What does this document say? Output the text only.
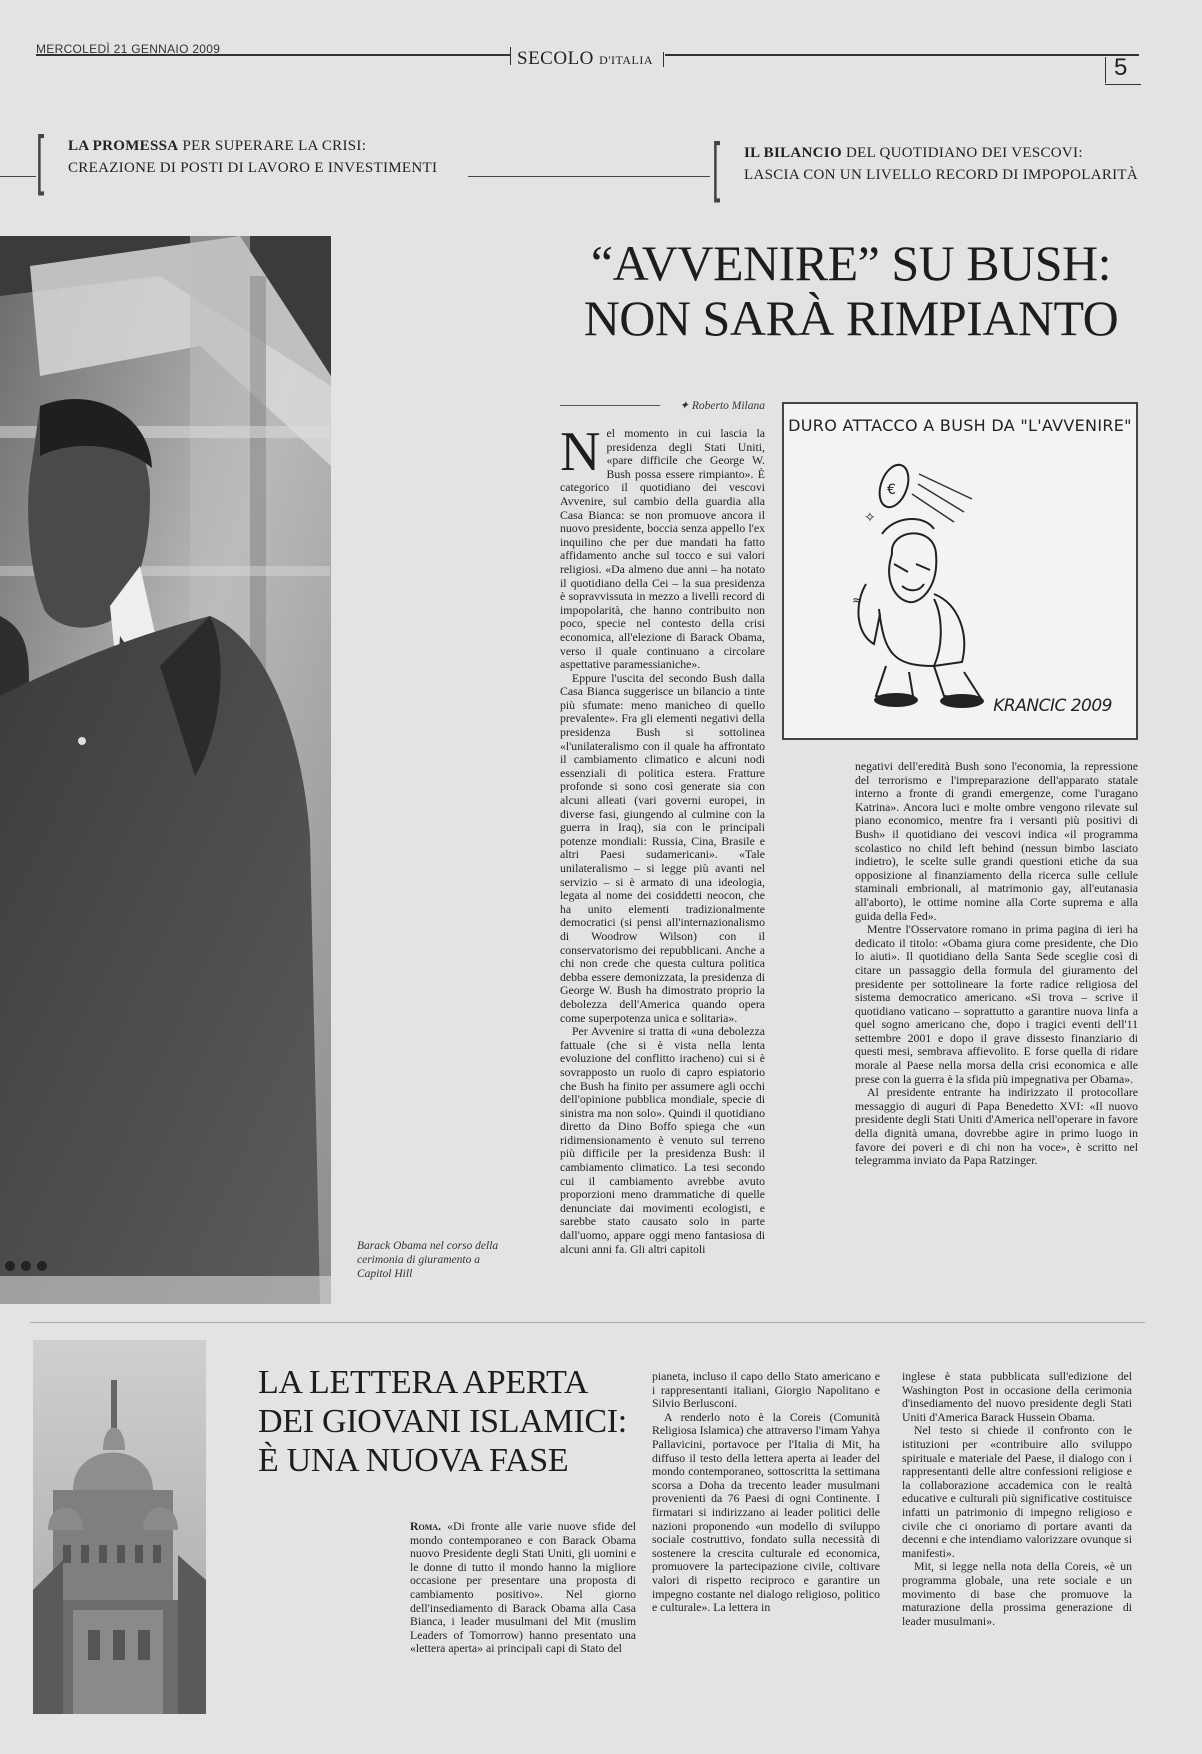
MERCOLEDÌ 21 GENNAIO 2009	SECOLO D'ITALIA	5
[ LA PROMESSA PER SUPERARE LA CRISI:
CREAZIONE DI POSTI DI LAVORO E INVESTIMENTI	[ IL BILANCIO DEL QUOTIDIANO DEI VESCOVI:
LASCIA CON UN LIVELLO RECORD DI IMPOPOLARITÀ
“AVVENIRE” SU BUSH:
NON SARÀ RIMPIANTO
Barack Obama nel corso della cerimonia di giuramento a Capitol Hill
✦ Roberto Milana

Nel momento in cui lascia la presidenza degli Stati Uniti, «pare difficile che George W. Bush possa essere rimpianto». È categorico il quotidiano dei vescovi Avvenire, sul cambio della guardia alla Casa Bianca: se non promuove ancora il nuovo presidente, boccia senza appello l'ex inquilino che per due mandati ha fatto affidamento anche sul tocco e sui valori religiosi. «Da almeno due anni – ha notato il quotidiano della Cei – la sua presidenza è sopravvissuta in mezzo a livelli record di impopolarità, che hanno contribuito non poco, specie nel contesto della crisi economica, all'elezione di Barack Obama, verso il quale continuano a circolare aspettative paramessianiche».

Eppure l'uscita del secondo Bush dalla Casa Bianca suggerisce un bilancio a tinte più sfumate: meno manicheo di quello prevalente». Fra gli elementi negativi della presidenza Bush si sottolinea «l'unilateralismo con il quale ha affrontato il cambiamento climatico e alcuni nodi essenziali di politica estera. Fratture profonde si sono così generate sia con alcuni alleati (vari governi europei, in diverse fasi, giungendo al culmine con la guerra in Iraq), sia con le principali potenze mondiali: Russia, Cina, Brasile e altri Paesi sudamericani». «Tale unilateralismo – si legge più avanti nel servizio – si è armato di una ideologia, legata al nome dei cosiddetti neocon, che ha unito elementi tradizionalmente democratici (si pensi all'internazionalismo di Woodrow Wilson) con il conservatorismo dei repubblicani. Anche a chi non crede che questa cultura politica debba essere demonizzata, la presidenza di George W. Bush ha dimostrato proprio la debolezza dell'America quando opera come superpotenza unica e solitaria».

Per Avvenire si tratta di «una debolezza fattuale (che si è vista nella lenta evoluzione del conflitto iracheno) cui si è sovrapposto un ruolo di capro espiatorio che Bush ha finito per assumere agli occhi dell'opinione pubblica mondiale, specie di sinistra ma non solo». Quindi il quotidiano diretto da Dino Boffo spiega che «un ridimensionamento è venuto sul terreno più difficile per la presidenza Bush: il cambiamento climatico. La tesi secondo cui il cambiamento avrebbe avuto proporzioni meno drammatiche di quelle denunciate dai movimenti ecologisti, e sarebbe stato causato solo in parte dall'uomo, appare oggi meno fantasiosa di alcuni anni fa. Gli altri capitoli

DURO ATTACCO A BUSH DA "L'AVVENIRE"
€
✧
≈
KRANCIC 2009

negativi dell'eredità Bush sono l'economia, la repressione del terrorismo e l'impreparazione dell'apparato statale interno a fronte di grandi emergenze, come l'uragano Katrina». Ancora luci e molte ombre vengono rilevate sul piano economico, mentre fra i versanti più positivi di Bush» il quotidiano dei vescovi indica «il programma scolastico no child left behind (nessun bimbo lasciato indietro), le scelte sulle grandi questioni etiche da sua opposizione al finanziamento della ricerca sulle cellule staminali embrionali, al matrimonio gay, all'eutanasia all'aborto), le ottime nomine alla Corte suprema e alla guida della Fed».

Mentre l'Osservatore romano in prima pagina di ieri ha dedicato il titolo: «Obama giura come presidente, che Dio lo aiuti». Il quotidiano della Santa Sede sceglie così di citare un passaggio della formula del giuramento del presidente per sottolineare la forte radice religiosa del sistema democratico americano. «Si trova – scrive il quotidiano vaticano – soprattutto a garantire nuova linfa a quel sogno americano che, dopo i tragici eventi dell'11 settembre 2001 e dopo il grave dissesto finanziario di questi mesi, sembrava affievolito. E forse quella di ridare morale al Paese nella morsa della crisi economica e alle prese con la guerra è la sfida più impegnativa per Obama».

Al presidente entrante ha indirizzato il protocollare messaggio di auguri di Papa Benedetto XVI: «Il nuovo presidente degli Stati Uniti d'America nell'operare in favore della dignità umana, dovrebbe agire in primo luogo in favore dei poveri e di chi non ha voce», è scritto nel telegramma inviato da Papa Ratzinger.

LA LETTERA APERTA
DEI GIOVANI ISLAMICI:
È UNA NUOVA FASE

Roma. «Di fronte alle varie nuove sfide del mondo contemporaneo e con Barack Obama nuovo Presidente degli Stati Uniti, gli uomini e le donne di tutto il mondo hanno la migliore occasione per presentare una proposta di cambiamento positivo». Nel giorno dell'insediamento di Barack Obama alla Casa Bianca, i leader musulmani del Mit (muslim Leaders of Tomorrow) hanno presentato una «lettera aperta» ai principali capi di Stato del

pianeta, incluso il capo dello Stato americano e i rappresentanti italiani, Giorgio Napolitano e Silvio Berlusconi.

A renderlo noto è la Coreis (Comunità Religiosa Islamica) che attraverso l'imam Yahya Pallavicini, portavoce per l'Italia di Mit, ha diffuso il testo della lettera aperta ai leader del mondo contemporaneo, sottoscritta la settimana scorsa a Doha da trecento leader musulmani provenienti da 76 Paesi di ogni Continente. I firmatari si indirizzano ai leader politici delle nazioni proponendo «un modello di sviluppo sociale costruttivo, fondato sulla necessità di sostenere la crescita culturale ed economica, promuovere la partecipazione civile, coltivare valori di rispetto reciproco e garantire un impegno costante nel dialogo religioso, politico e culturale». La lettera in

inglese è stata pubblicata sull'edizione del Washington Post in occasione della cerimonia d'insediamento del nuovo presidente degli Stati Uniti d'America Barack Hussein Obama.

Nel testo si chiede il confronto con le istituzioni per «contribuire allo sviluppo spirituale e materiale del Paese, il dialogo con i rappresentanti delle altre confessioni religiose e la collaborazione accademica con le realtà educative e culturali più significative costituisce infatti un patrimonio di impegno religioso e civile che ci onoriamo di portare avanti da decenni e che intendiamo valorizzare ovunque si manifesti».

Mit, si legge nella nota della Coreis, «è un programma globale, una rete sociale e un movimento di base che promuove la maturazione della prossima generazione di leader musulmani».
